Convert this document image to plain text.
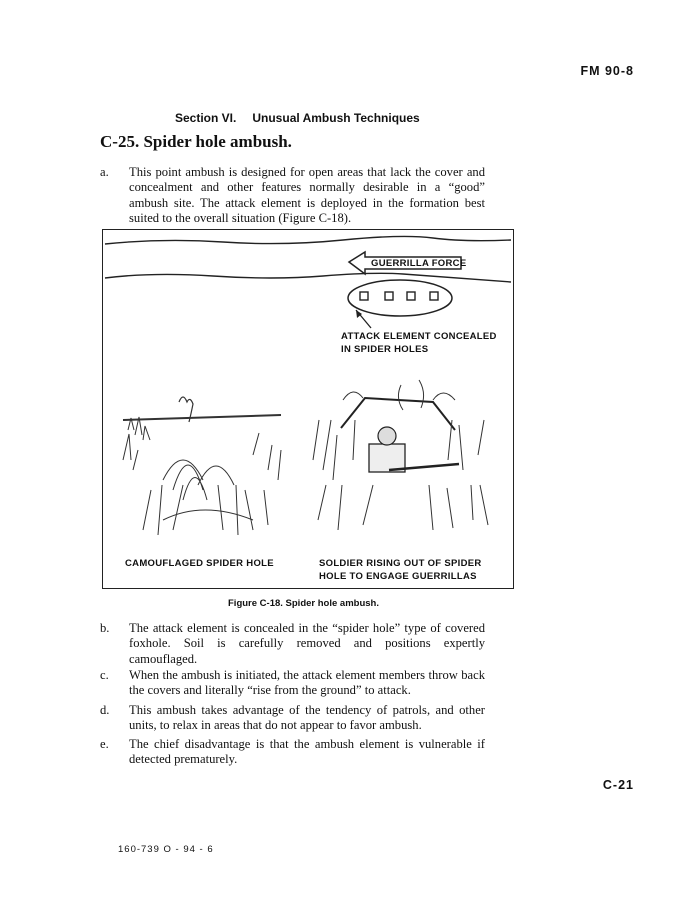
FM 90-8
Section VI. Unusual Ambush Techniques
C-25. Spider hole ambush.
a. This point ambush is designed for open areas that lack the cover and concealment and other features normally desirable in a “good” ambush site. The attack element is deployed in the formation best suited to the overall situation (Figure C-18).
GUERRILLA FORCE
ATTACK ELEMENT CONCEALED
IN SPIDER HOLES
CAMOUFLAGED SPIDER HOLE	SOLDIER RISING OUT OF SPIDER
HOLE TO ENGAGE GUERRILLAS
Figure C-18. Spider hole ambush.
b. The attack element is concealed in the “spider hole” type of covered foxhole. Soil is carefully removed and positions expertly camouflaged.
c. When the ambush is initiated, the attack element members throw back the covers and literally “rise from the ground” to attack.
d. This ambush takes advantage of the tendency of patrols, and other units, to relax in areas that do not appear to favor ambush.
e. The chief disadvantage is that the ambush element is vulnerable if detected prematurely.
C-21
160-739 O - 94 - 6
